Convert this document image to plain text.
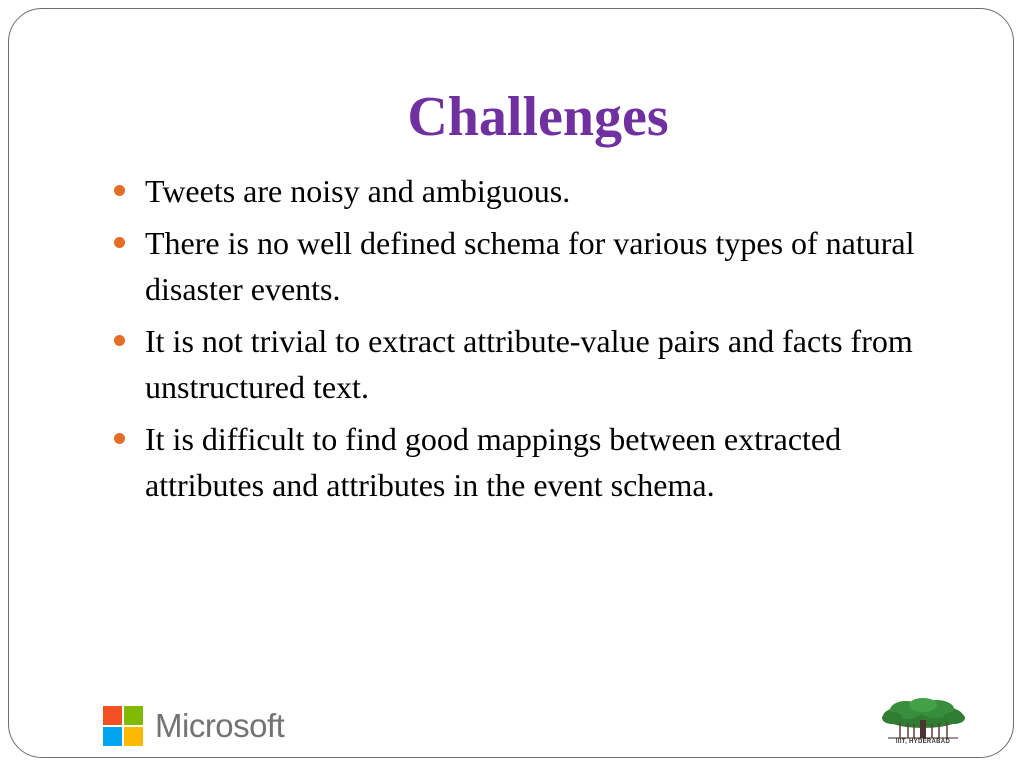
Challenges
Tweets are noisy and ambiguous.
There is no well defined schema for various types of natural disaster events.
It is not trivial to extract attribute-value pairs and facts from unstructured text.
It is difficult to find good mappings between extracted attributes and attributes in the event schema.
Microsoft	IIIT, HYDERABAD
